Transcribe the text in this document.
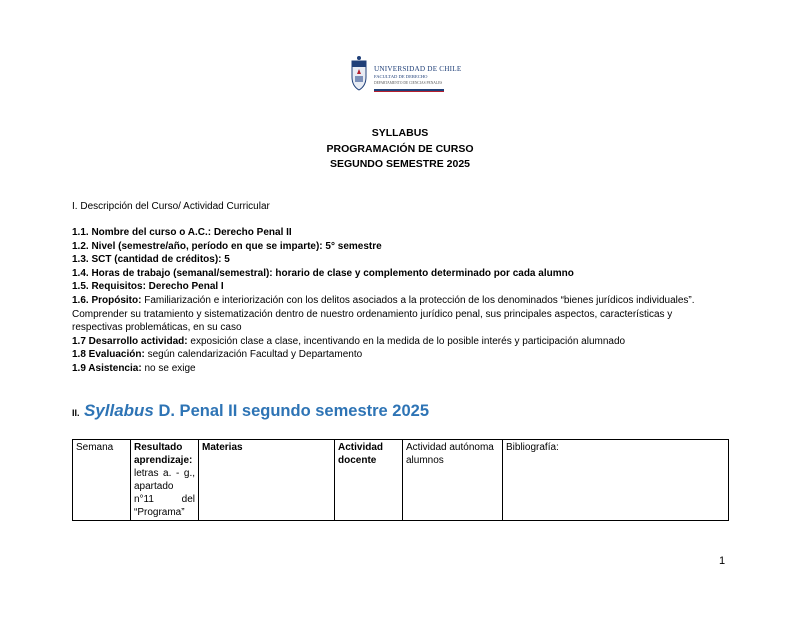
UNIVERSIDAD DE CHILE
FACULTAD DE DERECHO
DEPARTAMENTO DE CIENCIAS PENALES
SYLLABUS
PROGRAMACIÓN DE CURSO
SEGUNDO SEMESTRE 2025
I. Descripción del Curso/ Actividad Curricular
1.1. Nombre del curso o A.C.: Derecho Penal II
1.2. Nivel (semestre/año, período en que se imparte): 5° semestre
1.3. SCT (cantidad de créditos): 5
1.4. Horas de trabajo (semanal/semestral): horario de clase y complemento determinado por cada alumno
1.5. Requisitos: Derecho Penal I
1.6. Propósito: Familiarización e interiorización con los delitos asociados a la protección de los denominados “bienes jurídicos individuales”.
Comprender su tratamiento y sistematización dentro de nuestro ordenamiento jurídico penal, sus principales aspectos, características y
respectivas problemáticas, en su caso
1.7 Desarrollo actividad: exposición clase a clase, incentivando en la medida de lo posible interés y participación alumnado
1.8 Evaluación: según calendarización Facultad y Departamento
1.9 Asistencia: no se exige
II. Syllabus D. Penal II segundo semestre 2025
Semana	Resultado aprendizaje: letras a. - g., apartado n°11 del “Programa”	Materias	Actividad docente	Actividad autónoma alumnos	Bibliografía:
1
